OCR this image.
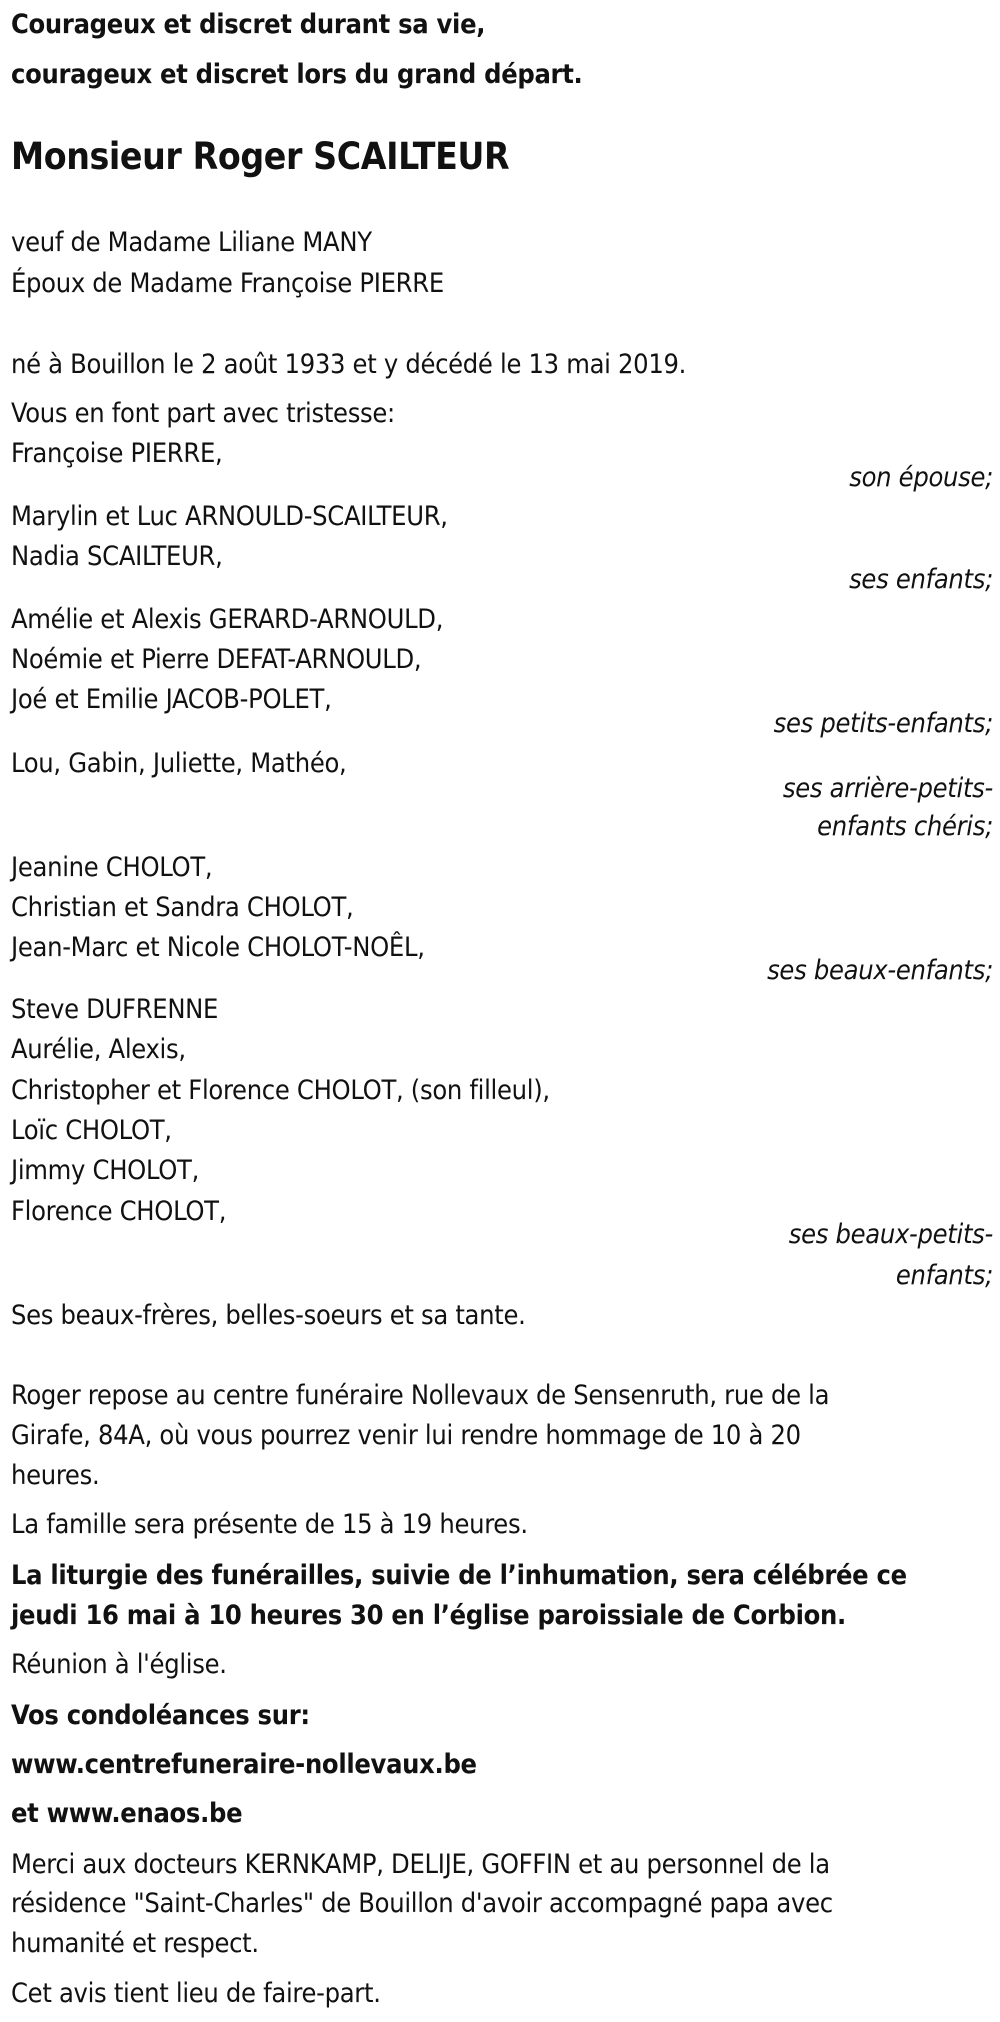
Courageux et discret durant sa vie,
courageux et discret lors du grand départ.
Monsieur Roger SCAILTEUR
veuf de Madame Liliane MANY
Époux de Madame Françoise PIERRE
né à Bouillon le 2 août 1933 et y décédé le 13 mai 2019.
Vous en font part avec tristesse:
Françoise PIERRE,
son épouse;
Marylin et Luc ARNOULD-SCAILTEUR,
Nadia SCAILTEUR,
ses enfants;
Amélie et Alexis GERARD-ARNOULD,
Noémie et Pierre DEFAT-ARNOULD,
Joé et Emilie JACOB-POLET,
ses petits-enfants;
Lou, Gabin, Juliette, Mathéo,
ses arrière-petits-
enfants chéris;
Jeanine CHOLOT,
Christian et Sandra CHOLOT,
Jean-Marc et Nicole CHOLOT-NOÊL,
ses beaux-enfants;
Steve DUFRENNE
Aurélie, Alexis,
Christopher et Florence CHOLOT, (son filleul),
Loïc CHOLOT,
Jimmy CHOLOT,
Florence CHOLOT,
ses beaux-petits-
enfants;
Ses beaux-frères, belles-soeurs et sa tante.
Roger repose au centre funéraire Nollevaux de Sensenruth, rue de la
Girafe, 84A, où vous pourrez venir lui rendre hommage de 10 à 20
heures.
La famille sera présente de 15 à 19 heures.
La liturgie des funérailles, suivie de l’inhumation, sera célébrée ce
jeudi 16 mai à 10 heures 30 en l’église paroissiale de Corbion.
Réunion à l'église.
Vos condoléances sur:
www.centrefuneraire-nollevaux.be
et www.enaos.be
Merci aux docteurs KERNKAMP, DELIJE, GOFFIN et au personnel de la
résidence "Saint-Charles" de Bouillon d'avoir accompagné papa avec
humanité et respect.
Cet avis tient lieu de faire-part.
